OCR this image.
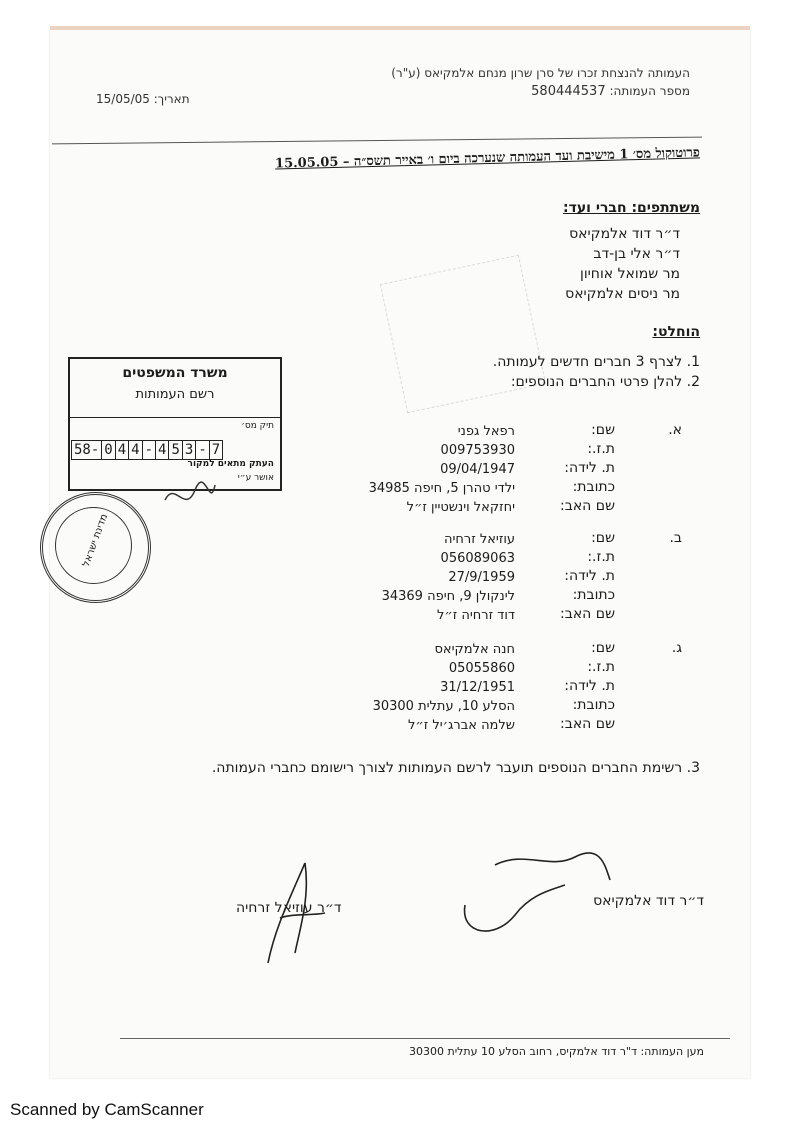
העמותה להנצחת זכרו של סרן שרון מנחם אלמקיאס (ע"ר)
מספר העמותה: 580444537
תאריך: 15/05/05
פרוטוקול מס׳ 1 מישיבת ועד העמותה שנערכה ביום ו׳ באייר תשס״ה – 15.05.05
משתתפים: חברי ועד:
ד״ר דוד אלמקיאס
ד״ר אלי בן-דב
מר שמואל אוחיון
מר ניסים אלמקיאס
הוחלט:
1. לצרף 3 חברים חדשים לעמותה.
2. להלן פרטי החברים הנוספים:
א.
שם:
ת.ז.:
ת. לידה:
כתובת:
שם האב:
רפאל גפני
009753930
09/04/1947
ילדי טהרן 5, חיפה 34985
יחזקאל וינשטיין ז״ל
ב.
שם:
ת.ז.:
ת. לידה:
כתובת:
שם האב:
עוזיאל זרחיה
056089063
27/9/1959
לינקולן 9, חיפה 34369
דוד זרחיה ז״ל
ג.
שם:
ת.ז.:
ת. לידה:
כתובת:
שם האב:
חנה אלמקיאס
05055860
31/12/1951
הסלע 10, עתלית 30300
שלמה אברג׳יל ז״ל
3. רשימת החברים הנוספים תועבר לרשם העמותות לצורך רישומם כחברי העמותה.
משרד המשפטים
רשם העמותות
תיק מס׳
העתק מתאים למקור
אושר ע״י
58- 0 4 4 - 4 5 3 - 7
מדינת ישראל
ד״ר עוזיאל זרחיה	ד״ר דוד אלמקיאס
מען העמותה: ד"ר דוד אלמקיס, רחוב הסלע 10 עתלית 30300
Scanned by CamScanner
